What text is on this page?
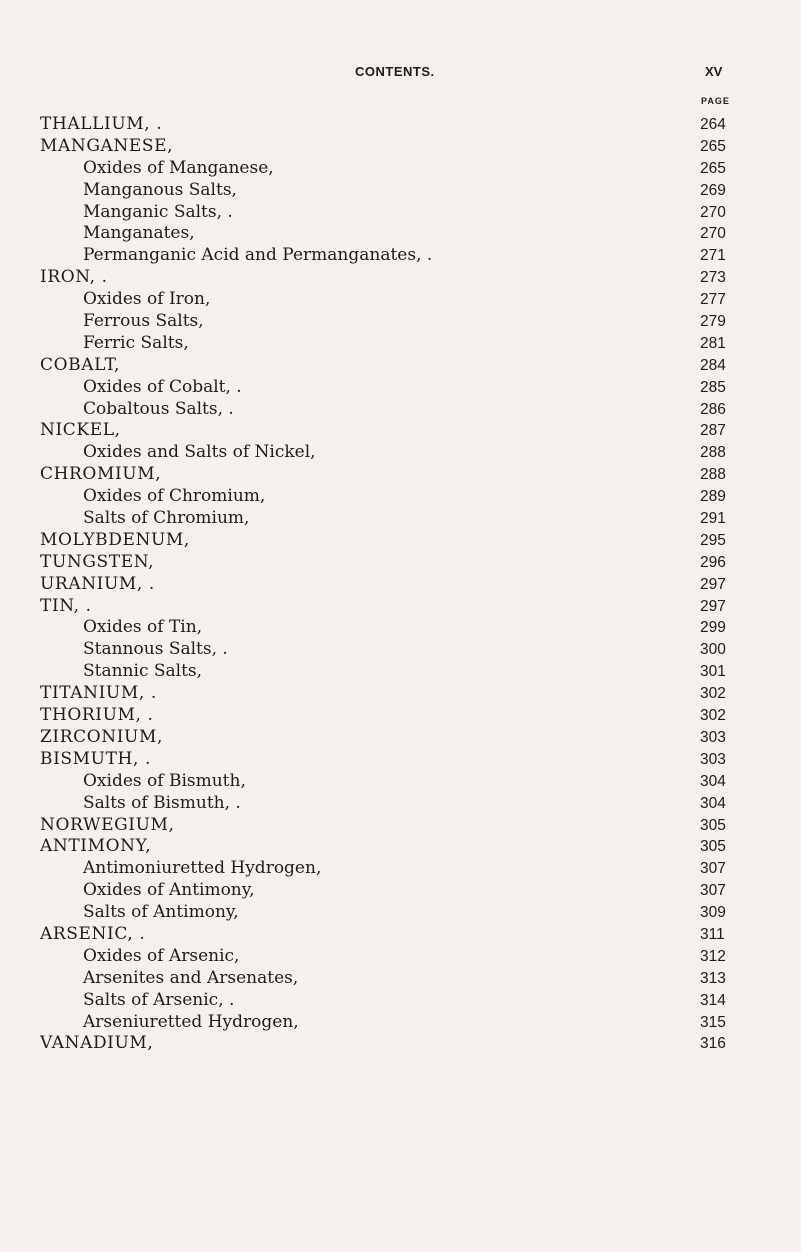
CONTENTS.	XV
PAGE
THALLIUM, .	264
MANGANESE,	265
Oxides of Manganese,	265
Manganous Salts,	269
Manganic Salts, .	270
Manganates,	270
Permanganic Acid and Permanganates, .	271
IRON, .	273
Oxides of Iron,	277
Ferrous Salts,	279
Ferric Salts,	281
COBALT,	284
Oxides of Cobalt, .	285
Cobaltous Salts, .	286
NICKEL,	287
Oxides and Salts of Nickel,	288
CHROMIUM,	288
Oxides of Chromium,	289
Salts of Chromium,	291
MOLYBDENUM,	295
TUNGSTEN,	296
URANIUM, .	297
TIN, .	297
Oxides of Tin,	299
Stannous Salts, .	300
Stannic Salts,	301
TITANIUM, .	302
THORIUM, .	302
ZIRCONIUM,	303
BISMUTH, .	303
Oxides of Bismuth,	304
Salts of Bismuth, .	304
NORWEGIUM,	305
ANTIMONY,	305
Antimoniuretted Hydrogen,	307
Oxides of Antimony,	307
Salts of Antimony,	309
ARSENIC, .	311
Oxides of Arsenic,	312
Arsenites and Arsenates,	313
Salts of Arsenic, .	314
Arseniuretted Hydrogen,	315
VANADIUM,	316
